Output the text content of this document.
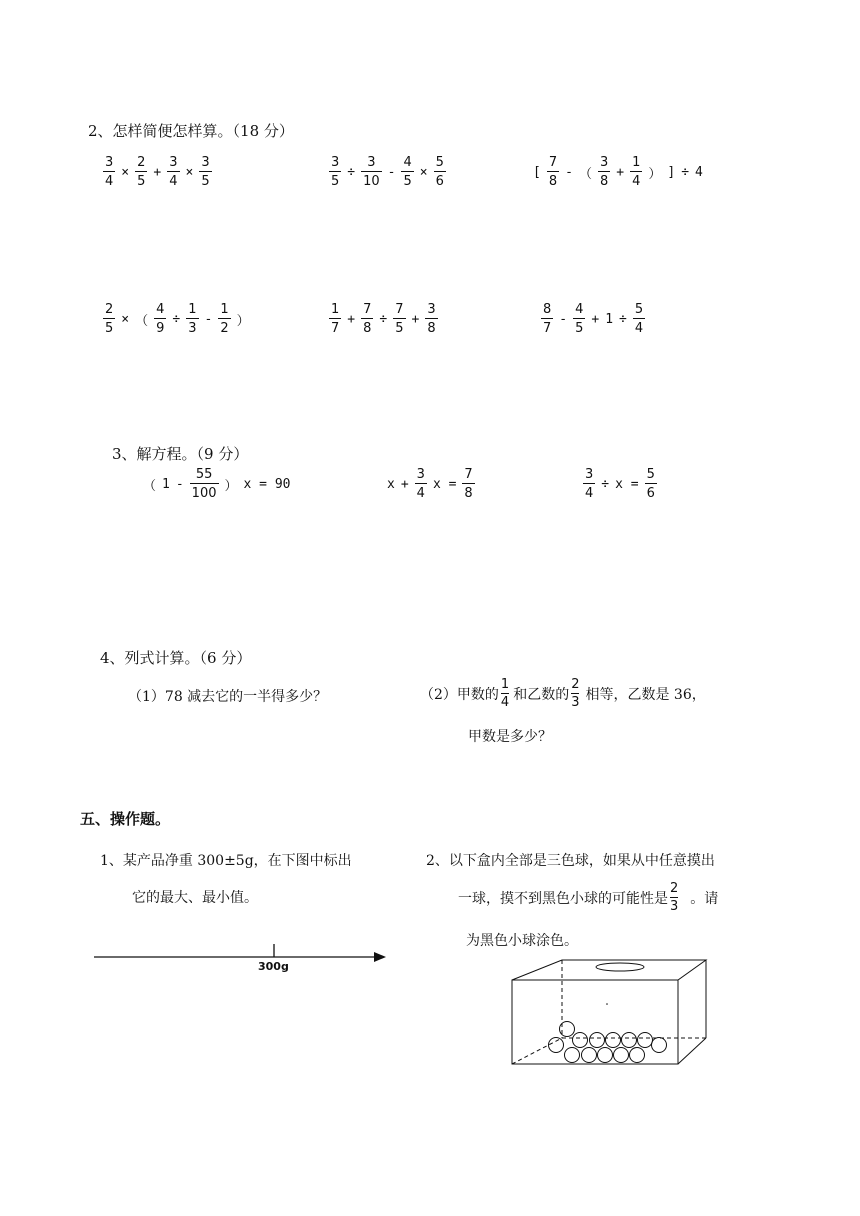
2、怎样简便怎样算。（18 分）
$\frac{3}{4} \times \frac{2}{5} + \frac{3}{4} \times \frac{3}{5}$	$\frac{3}{5} \div \frac{3}{10} - \frac{4}{5} \times \frac{5}{6}$	[ $\frac{7}{8}$ - （ $\frac{3}{8} + \frac{1}{4}$ ） ] ÷ 4
$\frac{2}{5}$ × （ $\frac{4}{9} \div \frac{1}{3} - \frac{1}{2}$ ）	$\frac{1}{7} + \frac{7}{8} \div \frac{7}{5} + \frac{3}{8}$	$\frac{8}{7} - \frac{4}{5} + 1 \div \frac{5}{4}$
3、解方程。（9 分）
（ $1 - \frac{55}{100}$ ） x = 90	$x + \frac{3}{4}$ $x = \frac{7}{8}$	$\frac{3}{4} \div x = \frac{5}{6}$
4、列式计算。（6 分）
（1）78 减去它的一半得多少？	（2）甲数的 $\frac{1}{4}$ 和乙数的 $\frac{2}{3}$ 相等，乙数是 36，
甲数是多少？
五、操作题。
1、某产品净重 300±5g，在下图中标出
它的最大、最小值。
300g
2、以下盒内全部是三色球，如果从中任意摸出
一球，摸不到黑色小球的可能性是 $\frac{2}{3}$ 。请
为黑色小球涂色。
